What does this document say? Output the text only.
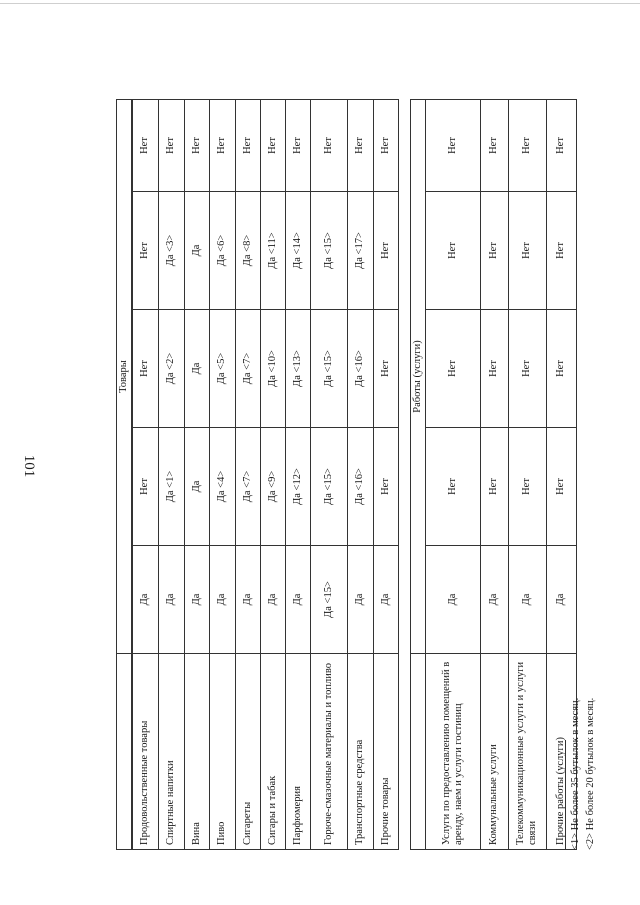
101
	Товары				
Продовольственные товары	Да	Нет	Нет	Нет	Нет
Спиртные напитки	Да	Да <1>	Да <2>	Да <3>	Нет
Вина	Да	Да	Да	Да	Нет
Пиво	Да	Да <4>	Да <5>	Да <6>	Нет
Сигареты	Да	Да <7>	Да <7>	Да <8>	Нет
Сигары и табак	Да	Да <9>	Да <10>	Да <11>	Нет
Парфюмерия	Да	Да <12>	Да <13>	Да <14>	Нет
Горюче-смазочные материалы и топливо	Да <15>	Да <15>	Да <15>	Да <15>	Нет
Транспортные средства	Да	Да <16>	Да <16>	Да <17>	Нет
Прочие товары	Да	Нет	Нет	Нет	Нет

	Работы (услуги)				
Услуги по предоставлению помещений в аренду, наем и услуги гостиниц	Да	Нет	Нет	Нет	Нет
Коммунальные услуги	Да	Нет	Нет	Нет	Нет
Телекоммуникационные услуги и услуги связи	Да	Нет	Нет	Нет	Нет
Прочие работы (услуги)	Да	Нет	Нет	Нет	Нет
<1> Не более 35 бутылок в месяц. <2> Не более 20 бутылок в месяц.
